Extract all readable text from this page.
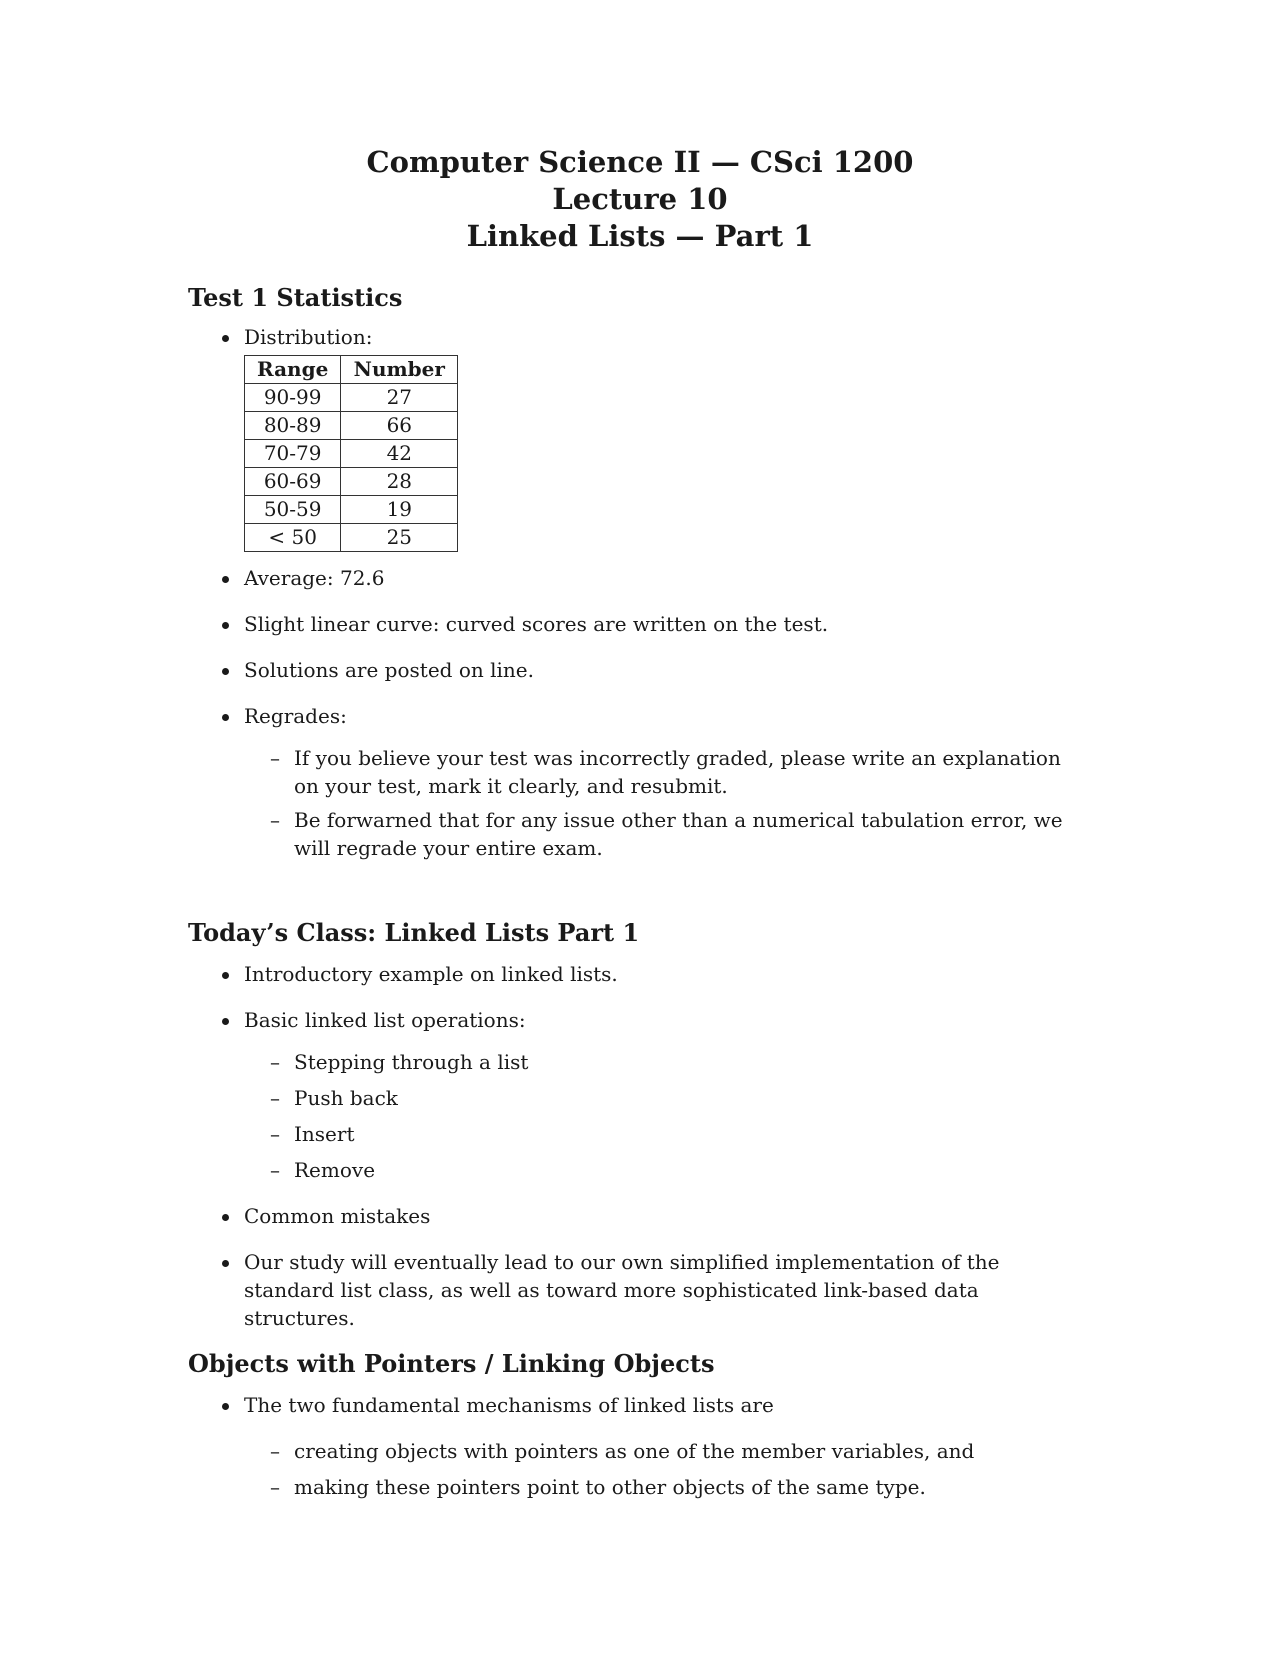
Computer Science II — CSci 1200
Lecture 10
Linked Lists — Part 1
Test 1 Statistics
Distribution:
Range	Number
90-99	27
80-89	66
70-79	42
60-69	28
50-59	19
< 50	25
Average: 72.6
Slight linear curve: curved scores are written on the test.
Solutions are posted on line.
Regrades:
– If you believe your test was incorrectly graded, please write an explanation on your test, mark it clearly, and resubmit.
– Be forwarned that for any issue other than a numerical tabulation error, we will regrade your entire exam.
Today’s Class: Linked Lists Part 1
Introductory example on linked lists.
Basic linked list operations:
– Stepping through a list
– Push back
– Insert
– Remove
Common mistakes
Our study will eventually lead to our own simplified implementation of the standard list class, as well as toward more sophisticated link-based data structures.
Objects with Pointers / Linking Objects
The two fundamental mechanisms of linked lists are
– creating objects with pointers as one of the member variables, and
– making these pointers point to other objects of the same type.
